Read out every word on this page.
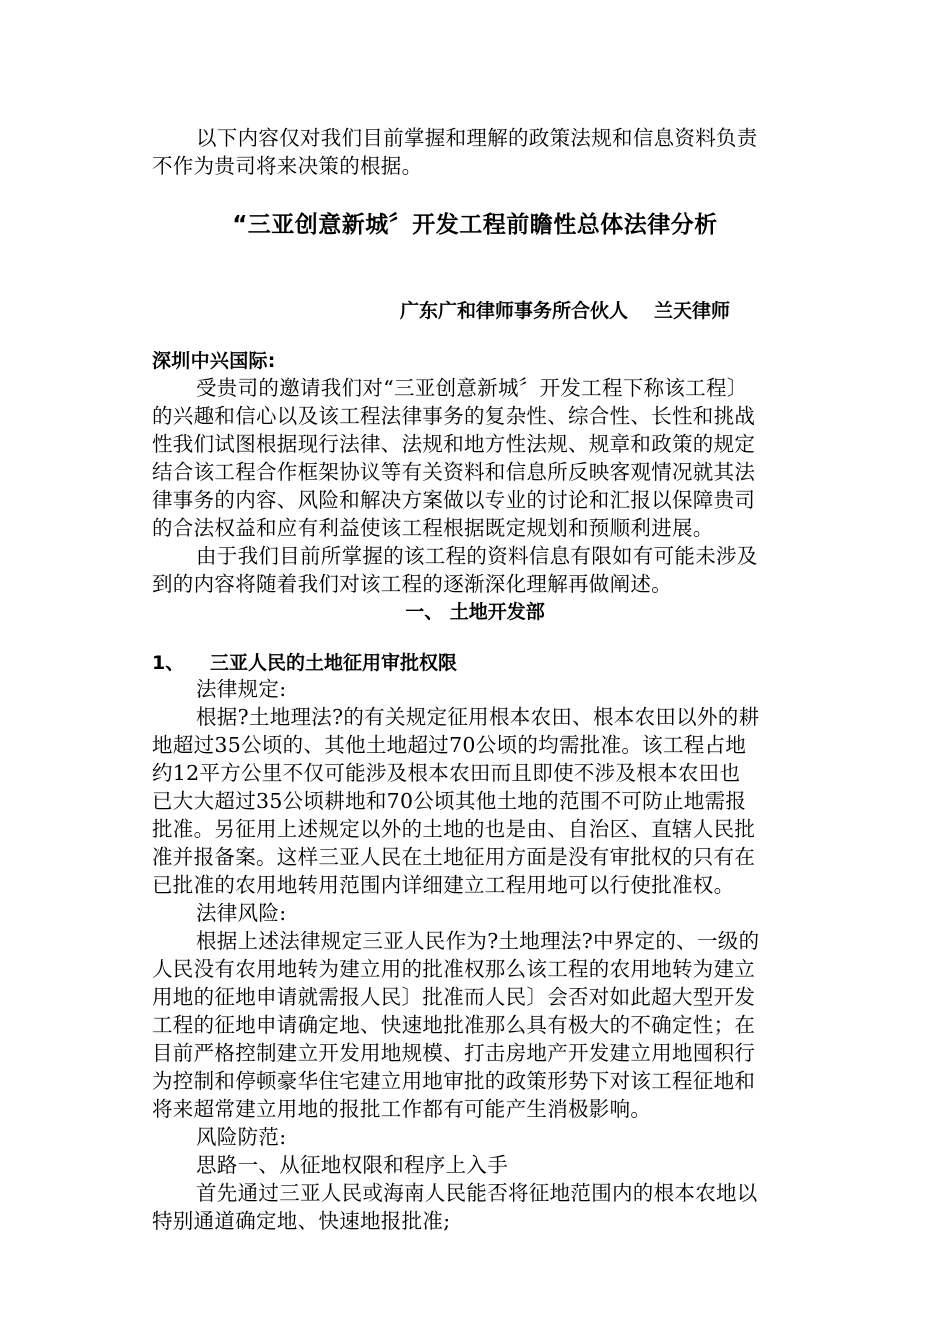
以下内容仅对我们目前掌握和理解的政策法规和信息资料负责
不作为贵司将来决策的根据。
“三亚创意新城〞开发工程前瞻性总体法律分析
广东广和律师事务所合伙人 兰天律师
深圳中兴国际:
受贵司的邀请我们对“三亚创意新城〞开发工程下称该工程〕
的兴趣和信心以及该工程法律事务的复杂性、综合性、长性和挑战
性我们试图根据现行法律、法规和地方性法规、规章和政策的规定
结合该工程合作框架协议等有关资料和信息所反映客观情况就其法
律事务的内容、风险和解决方案做以专业的讨论和汇报以保障贵司
的合法权益和应有利益使该工程根据既定规划和预顺利进展。
由于我们目前所掌握的该工程的资料信息有限如有可能未涉及
到的内容将随着我们对该工程的逐渐深化理解再做阐述。
一、 土地开发部
1、 三亚人民的土地征用审批权限
法律规定:
根据?土地理法?的有关规定征用根本农田、根本农田以外的耕
地超过35公顷的、其他土地超过70公顷的均需批准。该工程占地
约12平方公里不仅可能涉及根本农田而且即使不涉及根本农田也
已大大超过35公顷耕地和70公顷其他土地的范围不可防止地需报
批准。另征用上述规定以外的土地的也是由、自治区、直辖人民批
准并报备案。这样三亚人民在土地征用方面是没有审批权的只有在
已批准的农用地转用范围内详细建立工程用地可以行使批准权。
法律风险:
根据上述法律规定三亚人民作为?土地理法?中界定的、一级的
人民没有农用地转为建立用的批准权那么该工程的农用地转为建立
用地的征地申请就需报人民〕批准而人民〕会否对如此超大型开发
工程的征地申请确定地、快速地批准那么具有极大的不确定性；在
目前严格控制建立开发用地规模、打击房地产开发建立用地囤积行
为控制和停顿豪华住宅建立用地审批的政策形势下对该工程征地和
将来超常建立用地的报批工作都有可能产生消极影响。
风险防范:
思路一、从征地权限和程序上入手
首先通过三亚人民或海南人民能否将征地范围内的根本农地以
特别通道确定地、快速地报批准;
